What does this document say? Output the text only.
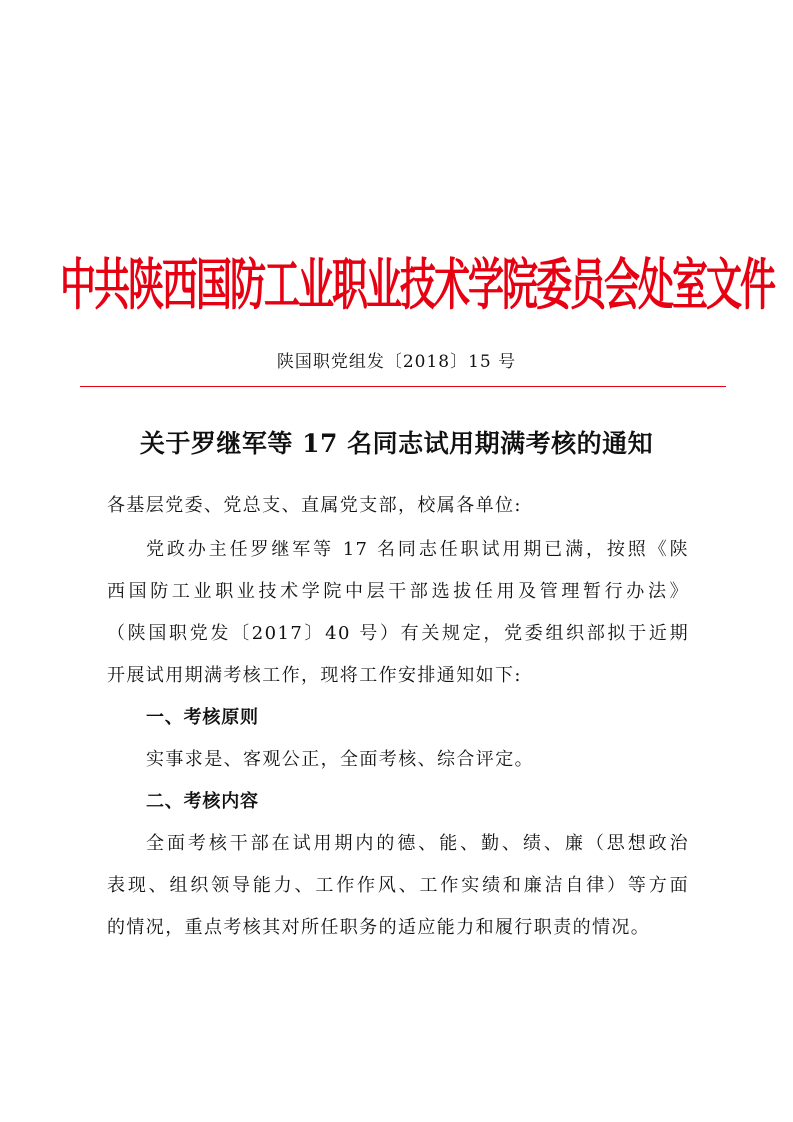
中共陕西国防工业职业技术学院委员会处室文件
陕国职党组发〔2018〕15 号
关于罗继军等 17 名同志试用期满考核的通知
各基层党委、党总支、直属党支部，校属各单位:
党政办主任罗继军等 17 名同志任职试用期已满，按照《陕
西国防工业职业技术学院中层干部选拔任用及管理暂行办法》
（陕国职党发〔2017〕40 号）有关规定，党委组织部拟于近期
开展试用期满考核工作，现将工作安排通知如下:
一、考核原则
实事求是、客观公正，全面考核、综合评定。
二、考核内容
全面考核干部在试用期内的德、能、勤、绩、廉（思想政治
表现、组织领导能力、工作作风、工作实绩和廉洁自律）等方面
的情况，重点考核其对所任职务的适应能力和履行职责的情况。
